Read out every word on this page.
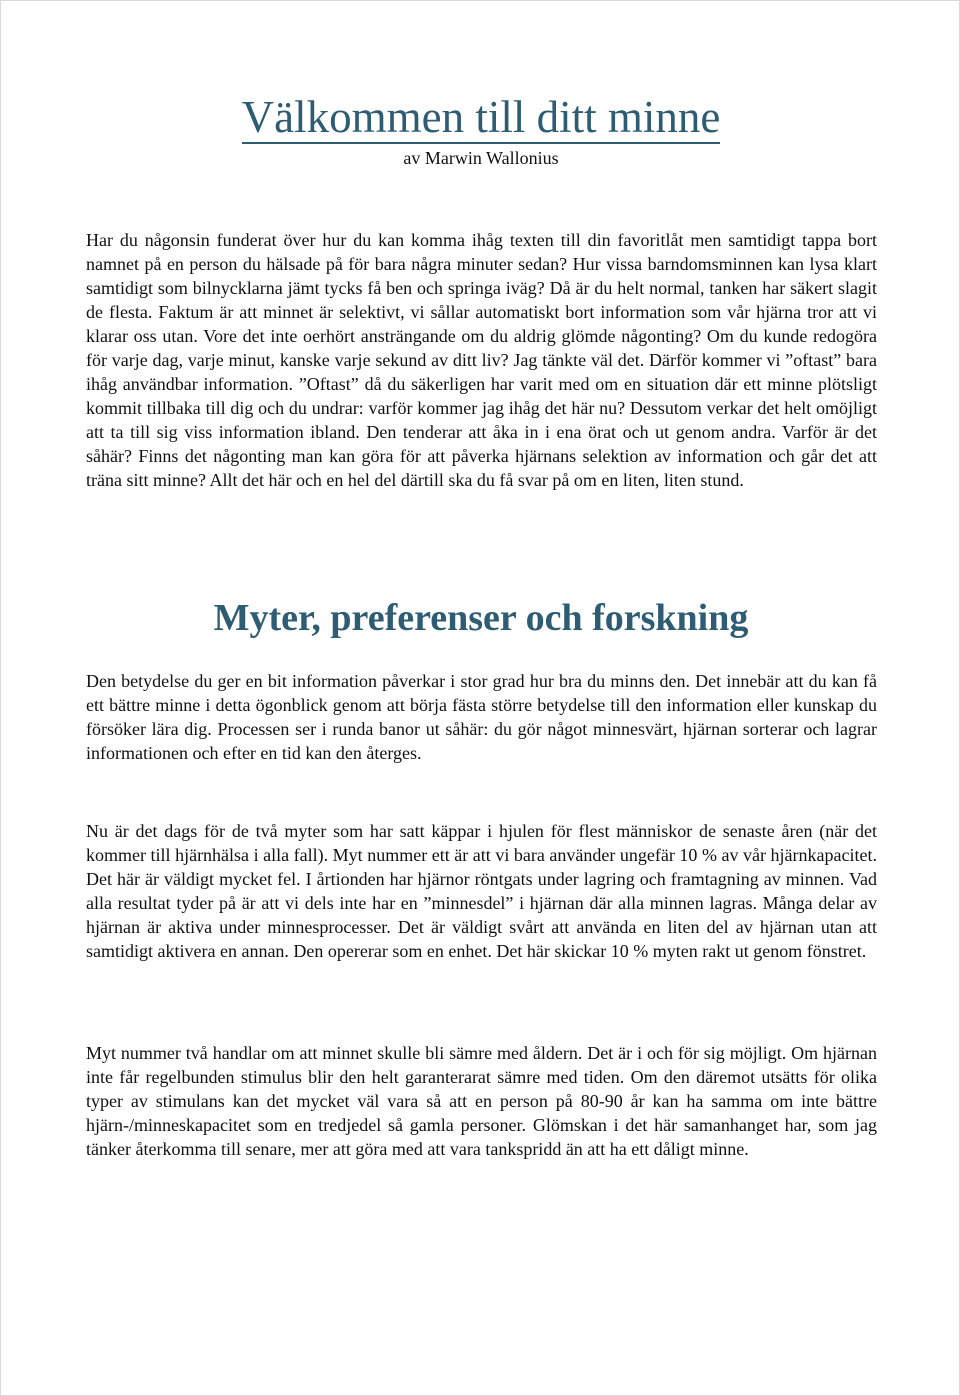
Välkommen till ditt minne
av Marwin Wallonius

Har du någonsin funderat över hur du kan komma ihåg texten till din favoritlåt men samtidigt tappa bort namnet på en person du hälsade på för bara några minuter sedan? Hur vissa barndomsminnen kan lysa klart samtidigt som bilnycklarna jämt tycks få ben och springa iväg? Då är du helt normal, tanken har säkert slagit de flesta. Faktum är att minnet är selektivt, vi sållar automatiskt bort information som vår hjärna tror att vi klarar oss utan. Vore det inte oerhört ansträngande om du aldrig glömde någonting? Om du kunde redogöra för varje dag, varje minut, kanske varje sekund av ditt liv? Jag tänkte väl det. Därför kommer vi ”oftast” bara ihåg användbar information. ”Oftast” då du säkerligen har varit med om en situation där ett minne plötsligt kommit tillbaka till dig och du undrar: varför kommer jag ihåg det här nu? Dessutom verkar det helt omöjligt att ta till sig viss information ibland. Den tenderar att åka in i ena örat och ut genom andra. Varför är det såhär? Finns det någonting man kan göra för att påverka hjärnans selektion av information och går det att träna sitt minne? Allt det här och en hel del därtill ska du få svar på om en liten, liten stund.

Myter, preferenser och forskning

Den betydelse du ger en bit information påverkar i stor grad hur bra du minns den. Det innebär att du kan få ett bättre minne i detta ögonblick genom att börja fästa större betydelse till den information eller kunskap du försöker lära dig. Processen ser i runda banor ut såhär: du gör något minnesvärt, hjärnan sorterar och lagrar informationen och efter en tid kan den återges.

Nu är det dags för de två myter som har satt käppar i hjulen för flest människor de senaste åren (när det kommer till hjärnhälsa i alla fall). Myt nummer ett är att vi bara använder ungefär 10 % av vår hjärnkapacitet. Det här är väldigt mycket fel. I årtionden har hjärnor röntgats under lagring och framtagning av minnen. Vad alla resultat tyder på är att vi dels inte har en ”minnesdel” i hjärnan där alla minnen lagras. Många delar av hjärnan är aktiva under minnesprocesser. Det är väldigt svårt att använda en liten del av hjärnan utan att samtidigt aktivera en annan. Den opererar som en enhet. Det här skickar 10 % myten rakt ut genom fönstret.

Myt nummer två handlar om att minnet skulle bli sämre med åldern. Det är i och för sig möjligt. Om hjärnan inte får regelbunden stimulus blir den helt garanterarat sämre med tiden. Om den däremot utsätts för olika typer av stimulans kan det mycket väl vara så att en person på 80-90 år kan ha samma om inte bättre hjärn-/minneskapacitet som en tredjedel så gamla personer. Glömskan i det här samanhanget har, som jag tänker återkomma till senare, mer att göra med att vara tankspridd än att ha ett dåligt minne.
